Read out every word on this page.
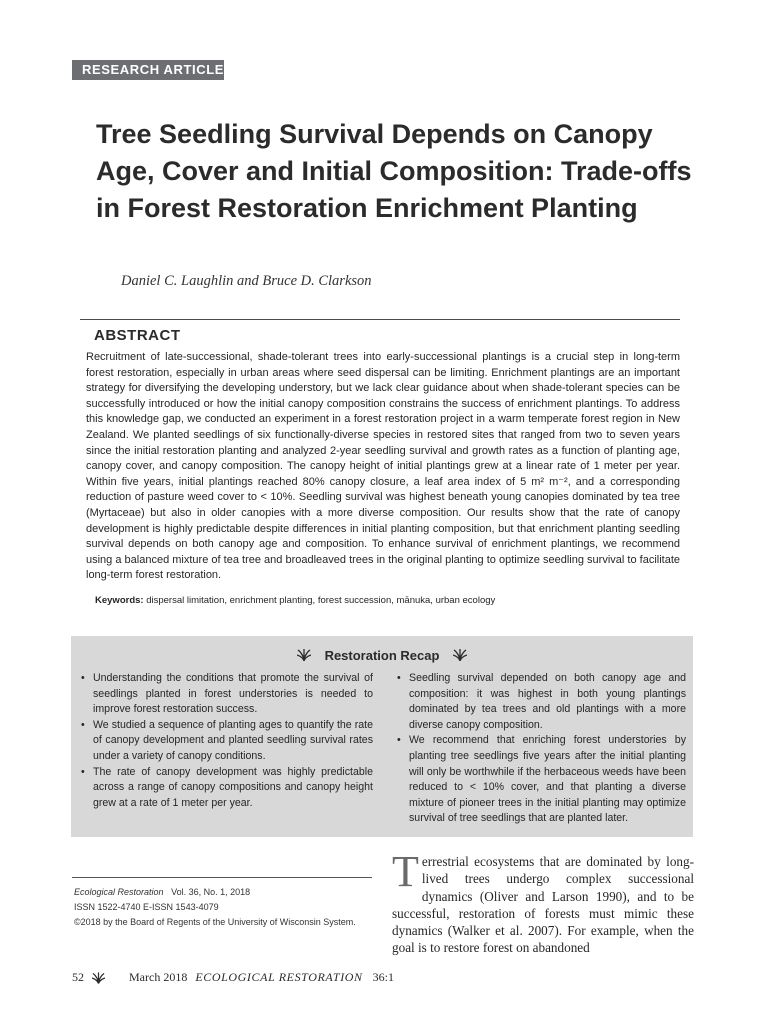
RESEARCH ARTICLE
Tree Seedling Survival Depends on Canopy Age, Cover and Initial Composition: Trade-offs in Forest Restoration Enrichment Planting
Daniel C. Laughlin and Bruce D. Clarkson
ABSTRACT

Recruitment of late-successional, shade-tolerant trees into early-successional plantings is a crucial step in long-term forest restoration, especially in urban areas where seed dispersal can be limiting. Enrichment plantings are an important strategy for diversifying the developing understory, but we lack clear guidance about when shade-tolerant species can be successfully introduced or how the initial canopy composition constrains the success of enrichment plantings. To address this knowledge gap, we conducted an experiment in a forest restoration project in a warm temperate forest region in New Zealand. We planted seedlings of six functionally-diverse species in restored sites that ranged from two to seven years since the initial restoration planting and analyzed 2-year seedling survival and growth rates as a function of planting age, canopy cover, and canopy composition. The canopy height of initial plantings grew at a linear rate of 1 meter per year. Within five years, initial plantings reached 80% canopy closure, a leaf area index of 5 m² m⁻², and a corresponding reduction of pasture weed cover to < 10%. Seedling survival was highest beneath young canopies dominated by tea tree (Myrtaceae) but also in older canopies with a more diverse composition. Our results show that the rate of canopy development is highly predictable despite differences in initial planting composition, but that enrichment planting seedling survival depends on both canopy age and composition. To enhance survival of enrichment plantings, we recommend using a balanced mixture of tea tree and broadleaved trees in the original planting to optimize seedling survival to facilitate long-term forest restoration.

Keywords: dispersal limitation, enrichment planting, forest succession, mānuka, urban ecology
Restoration Recap
• Understanding the conditions that promote the survival of seedlings planted in forest understories is needed to improve forest restoration success.
• We studied a sequence of planting ages to quantify the rate of canopy development and planted seedling survival rates under a variety of canopy conditions.
• The rate of canopy development was highly predictable across a range of canopy compositions and canopy height grew at a rate of 1 meter per year.
• Seedling survival depended on both canopy age and composition: it was highest in both young plantings dominated by tea trees and old plantings with a more diverse canopy composition.
• We recommend that enriching forest understories by planting tree seedlings five years after the initial planting will only be worthwhile if the herbaceous weeds have been reduced to < 10% cover, and that planting a diverse mixture of pioneer trees in the initial planting may optimize survival of tree seedlings that are planted later.
Ecological Restoration Vol. 36, No. 1, 2018
ISSN 1522-4740 E-ISSN 1543-4079
©2018 by the Board of Regents of the University of Wisconsin System.
Terrestrial ecosystems that are dominated by long-lived trees undergo complex successional dynamics (Oliver and Larson 1990), and to be successful, restoration of forests must mimic these dynamics (Walker et al. 2007). For example, when the goal is to restore forest on abandoned
52	March 2018 ECOLOGICAL RESTORATION 36:1
